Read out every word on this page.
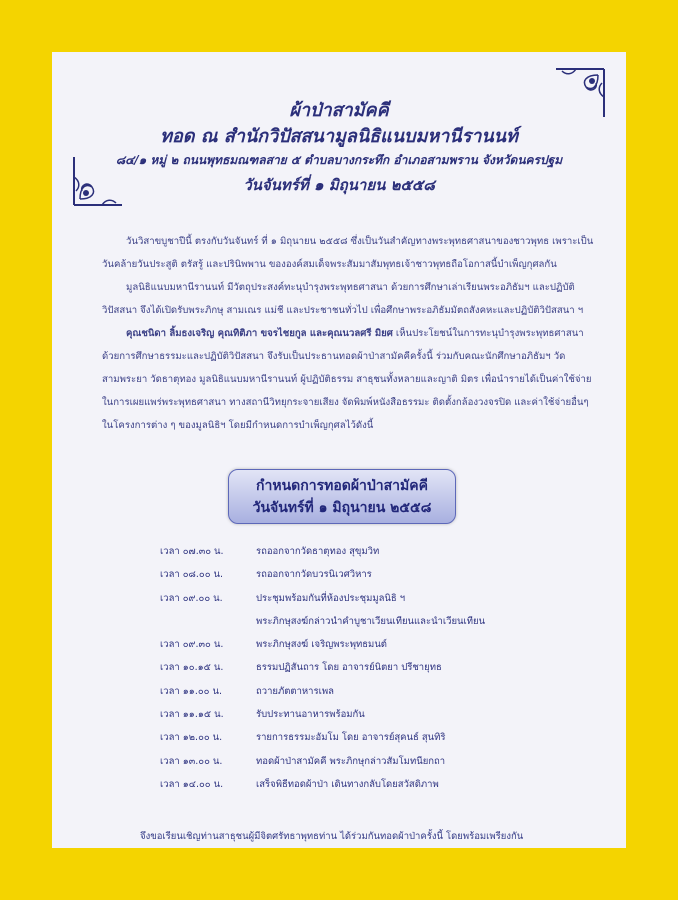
ผ้าป่าสามัคคี
ทอด ณ สำนักวิปัสสนามูลนิธิแนบมหานีรานนท์
๘๔/๑ หมู่ ๒ ถนนพุทธมณฑลสาย ๕ ตำบลบางกระทึก อำเภอสามพราน จังหวัดนครปฐม
วันจันทร์ที่ ๑ มิถุนายน ๒๕๕๘

วันวิสาขบูชาปีนี้ ตรงกับวันจันทร์ ที่ ๑ มิถุนายน ๒๕๕๘ ซึ่งเป็นวันสำคัญทางพระพุทธศาสนาของชาวพุทธ เพราะเป็นวันคล้ายวันประสูติ ตรัสรู้ และปรินิพพาน ขององค์สมเด็จพระสัมมาสัมพุทธเจ้าชาวพุทธถือโอกาสนี้บำเพ็ญกุศลกัน

มูลนิธิแนบมหานีรานนท์ มีวัตถุประสงค์ทะนุบำรุงพระพุทธศาสนา ด้วยการศึกษาเล่าเรียนพระอภิธัมฯ และปฏิบัติวิปัสสนา จึงได้เปิดรับพระภิกษุ สามเณร แม่ชี และประชาชนทั่วไป เพื่อศึกษาพระอภิธัมมัตถสังคหะและปฏิบัติวิปัสสนา ฯ

คุณชนิดา ลิ้มธงเจริญ คุณทิติภา ขจรไชยกูล และคุณนวลศรี มิยศ เห็นประโยชน์ในการทะนุบำรุงพระพุทธศาสนา ด้วยการศึกษาธรรมะและปฏิบัติวิปัสสนา จึงรับเป็นประธานทอดผ้าป่าสามัคคีครั้งนี้ ร่วมกับคณะนักศึกษาอภิธัมฯ วัดสามพระยา วัดธาตุทอง มูลนิธิแนบมหานีรานนท์ ผู้ปฏิบัติธรรม สาธุชนทั้งหลายและญาติ มิตร เพื่อนำรายได้เป็นค่าใช้จ่ายในการเผยแพร่พระพุทธศาสนา ทางสถานีวิทยุกระจายเสียง จัดพิมพ์หนังสือธรรมะ ติดตั้งกล้องวงจรปิด และค่าใช้จ่ายอื่นๆ ในโครงการต่าง ๆ ของมูลนิธิฯ โดยมีกำหนดการบำเพ็ญกุศลไว้ดังนี้

กำหนดการทอดผ้าป่าสามัคคี
วันจันทร์ที่ ๑ มิถุนายน ๒๕๕๘
เวลา ๐๗.๓๐ น.	รถออกจากวัดธาตุทอง สุขุมวิท
เวลา ๐๘.๐๐ น.	รถออกจากวัดบวรนิเวศวิหาร
เวลา ๐๙.๐๐ น.	ประชุมพร้อมกันที่ห้องประชุมมูลนิธิ ฯ
พระภิกษุสงฆ์กล่าวนำคำบูชาเวียนเทียนและนำเวียนเทียน
เวลา ๐๙.๓๐ น.	พระภิกษุสงฆ์ เจริญพระพุทธมนต์
เวลา ๑๐.๑๕ น.	ธรรมปฏิสันถาร โดย อาจารย์นิตยา ปรีชายุทธ
เวลา ๑๑.๐๐ น.	ถวายภัตตาหารเพล
เวลา ๑๑.๑๕ น.	รับประทานอาหารพร้อมกัน
เวลา ๑๒.๐๐ น.	รายการธรรมะอัมโม โดย อาจารย์สุคนธ์ สุนทิริ
เวลา ๑๓.๐๐ น.	ทอดผ้าป่าสามัคคี พระภิกษุกล่าวสัมโมทนียกถา
เวลา ๑๔.๐๐ น.	เสร็จพิธีทอดผ้าป่า เดินทางกลับโดยสวัสดิภาพ
จึงขอเรียนเชิญท่านสาธุชนผู้มีจิตศรัทธาพุทธท่าน ได้ร่วมกันทอดผ้าป่าครั้งนี้ โดยพร้อมเพรียงกัน
